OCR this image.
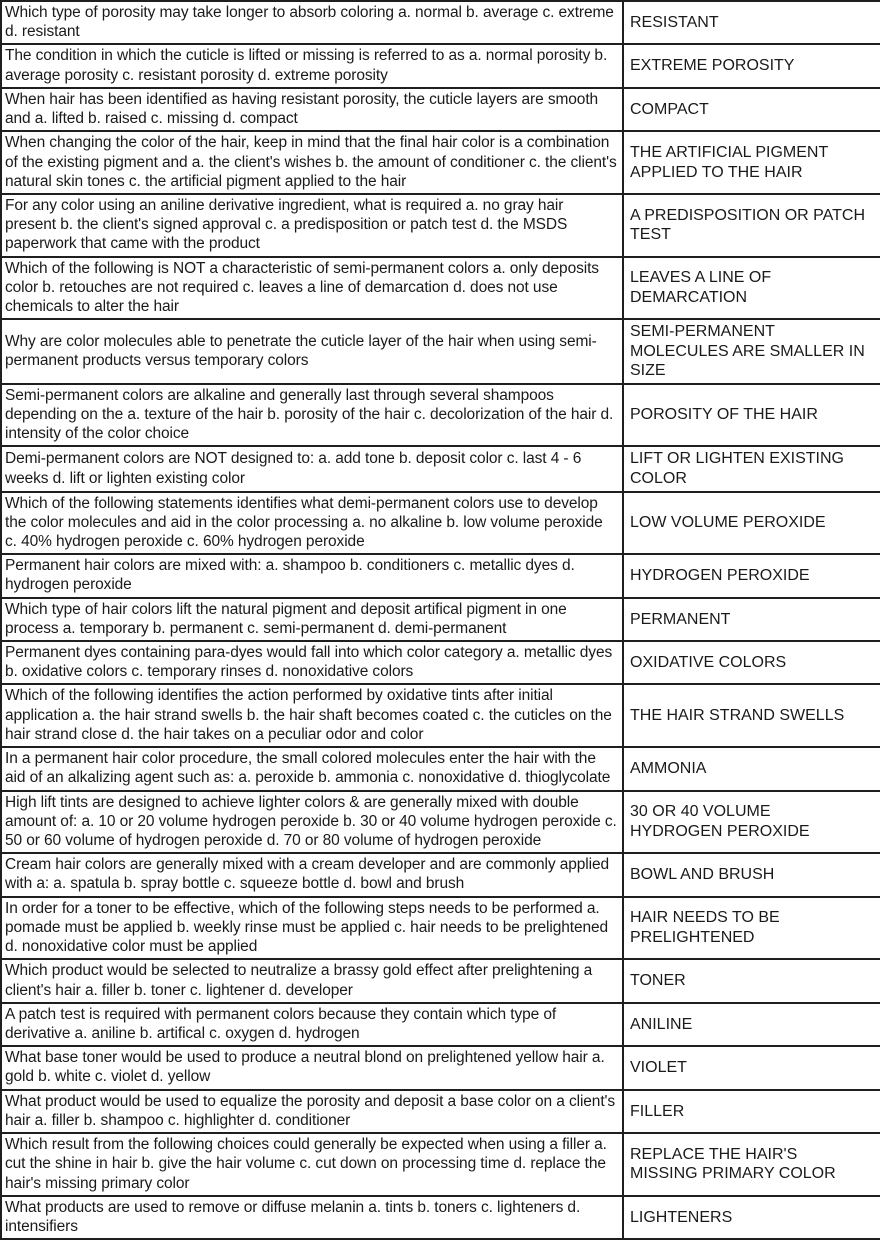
Which type of porosity may take longer to absorb coloring a. normal b. average c. extreme d. resistant	RESISTANT
The condition in which the cuticle is lifted or missing is referred to as a. normal porosity b. average porosity c. resistant porosity d. extreme porosity	EXTREME POROSITY
When hair has been identified as having resistant porosity, the cuticle layers are smooth and a. lifted b. raised c. missing d. compact	COMPACT
When changing the color of the hair, keep in mind that the final hair color is a combination of the existing pigment and a. the client's wishes b. the amount of conditioner c. the client's natural skin tones c. the artificial pigment applied to the hair	THE ARTIFICIAL PIGMENT APPLIED TO THE HAIR
For any color using an aniline derivative ingredient, what is required a. no gray hair present b. the client's signed approval c. a predisposition or patch test d. the MSDS paperwork that came with the product	A PREDISPOSITION OR PATCH TEST
Which of the following is NOT a characteristic of semi-permanent colors a. only deposits color b. retouches are not required c. leaves a line of demarcation d. does not use chemicals to alter the hair	LEAVES A LINE OF DEMARCATION
Why are color molecules able to penetrate the cuticle layer of the hair when using semi-permanent products versus temporary colors	SEMI-PERMANENT MOLECULES ARE SMALLER IN SIZE
Semi-permanent colors are alkaline and generally last through several shampoos depending on the a. texture of the hair b. porosity of the hair c. decolorization of the hair d. intensity of the color choice	POROSITY OF THE HAIR
Demi-permanent colors are NOT designed to: a. add tone b. deposit color c. last 4 - 6 weeks d. lift or lighten existing color	LIFT OR LIGHTEN EXISTING COLOR
Which of the following statements identifies what demi-permanent colors use to develop the color molecules and aid in the color processing a. no alkaline b. low volume peroxide c. 40% hydrogen peroxide c. 60% hydrogen peroxide	LOW VOLUME PEROXIDE
Permanent hair colors are mixed with: a. shampoo b. conditioners c. metallic dyes d. hydrogen peroxide	HYDROGEN PEROXIDE
Which type of hair colors lift the natural pigment and deposit artifical pigment in one process a. temporary b. permanent c. semi-permanent d. demi-permanent	PERMANENT
Permanent dyes containing para-dyes would fall into which color category a. metallic dyes b. oxidative colors c. temporary rinses d. nonoxidative colors	OXIDATIVE COLORS
Which of the following identifies the action performed by oxidative tints after initial application a. the hair strand swells b. the hair shaft becomes coated c. the cuticles on the hair strand close d. the hair takes on a peculiar odor and color	THE HAIR STRAND SWELLS
In a permanent hair color procedure, the small colored molecules enter the hair with the aid of an alkalizing agent such as: a. peroxide b. ammonia c. nonoxidative d. thioglycolate	AMMONIA
High lift tints are designed to achieve lighter colors & are generally mixed with double amount of: a. 10 or 20 volume hydrogen peroxide b. 30 or 40 volume hydrogen peroxide c. 50 or 60 volume of hydrogen peroxide d. 70 or 80 volume of hydrogen peroxide	30 OR 40 VOLUME HYDROGEN PEROXIDE
Cream hair colors are generally mixed with a cream developer and are commonly applied with a: a. spatula b. spray bottle c. squeeze bottle d. bowl and brush	BOWL AND BRUSH
In order for a toner to be effective, which of the following steps needs to be performed a. pomade must be applied b. weekly rinse must be applied c. hair needs to be prelightened d. nonoxidative color must be applied	HAIR NEEDS TO BE PRELIGHTENED
Which product would be selected to neutralize a brassy gold effect after prelightening a client's hair a. filler b. toner c. lightener d. developer	TONER
A patch test is required with permanent colors because they contain which type of derivative a. aniline b. artifical c. oxygen d. hydrogen	ANILINE
What base toner would be used to produce a neutral blond on prelightened yellow hair a. gold b. white c. violet d. yellow	VIOLET
What product would be used to equalize the porosity and deposit a base color on a client's hair a. filler b. shampoo c. highlighter d. conditioner	FILLER
Which result from the following choices could generally be expected when using a filler a. cut the shine in hair b. give the hair volume c. cut down on processing time d. replace the hair's missing primary color	REPLACE THE HAIR'S MISSING PRIMARY COLOR
What products are used to remove or diffuse melanin a. tints b. toners c. lighteners d. intensifiers	LIGHTENERS
